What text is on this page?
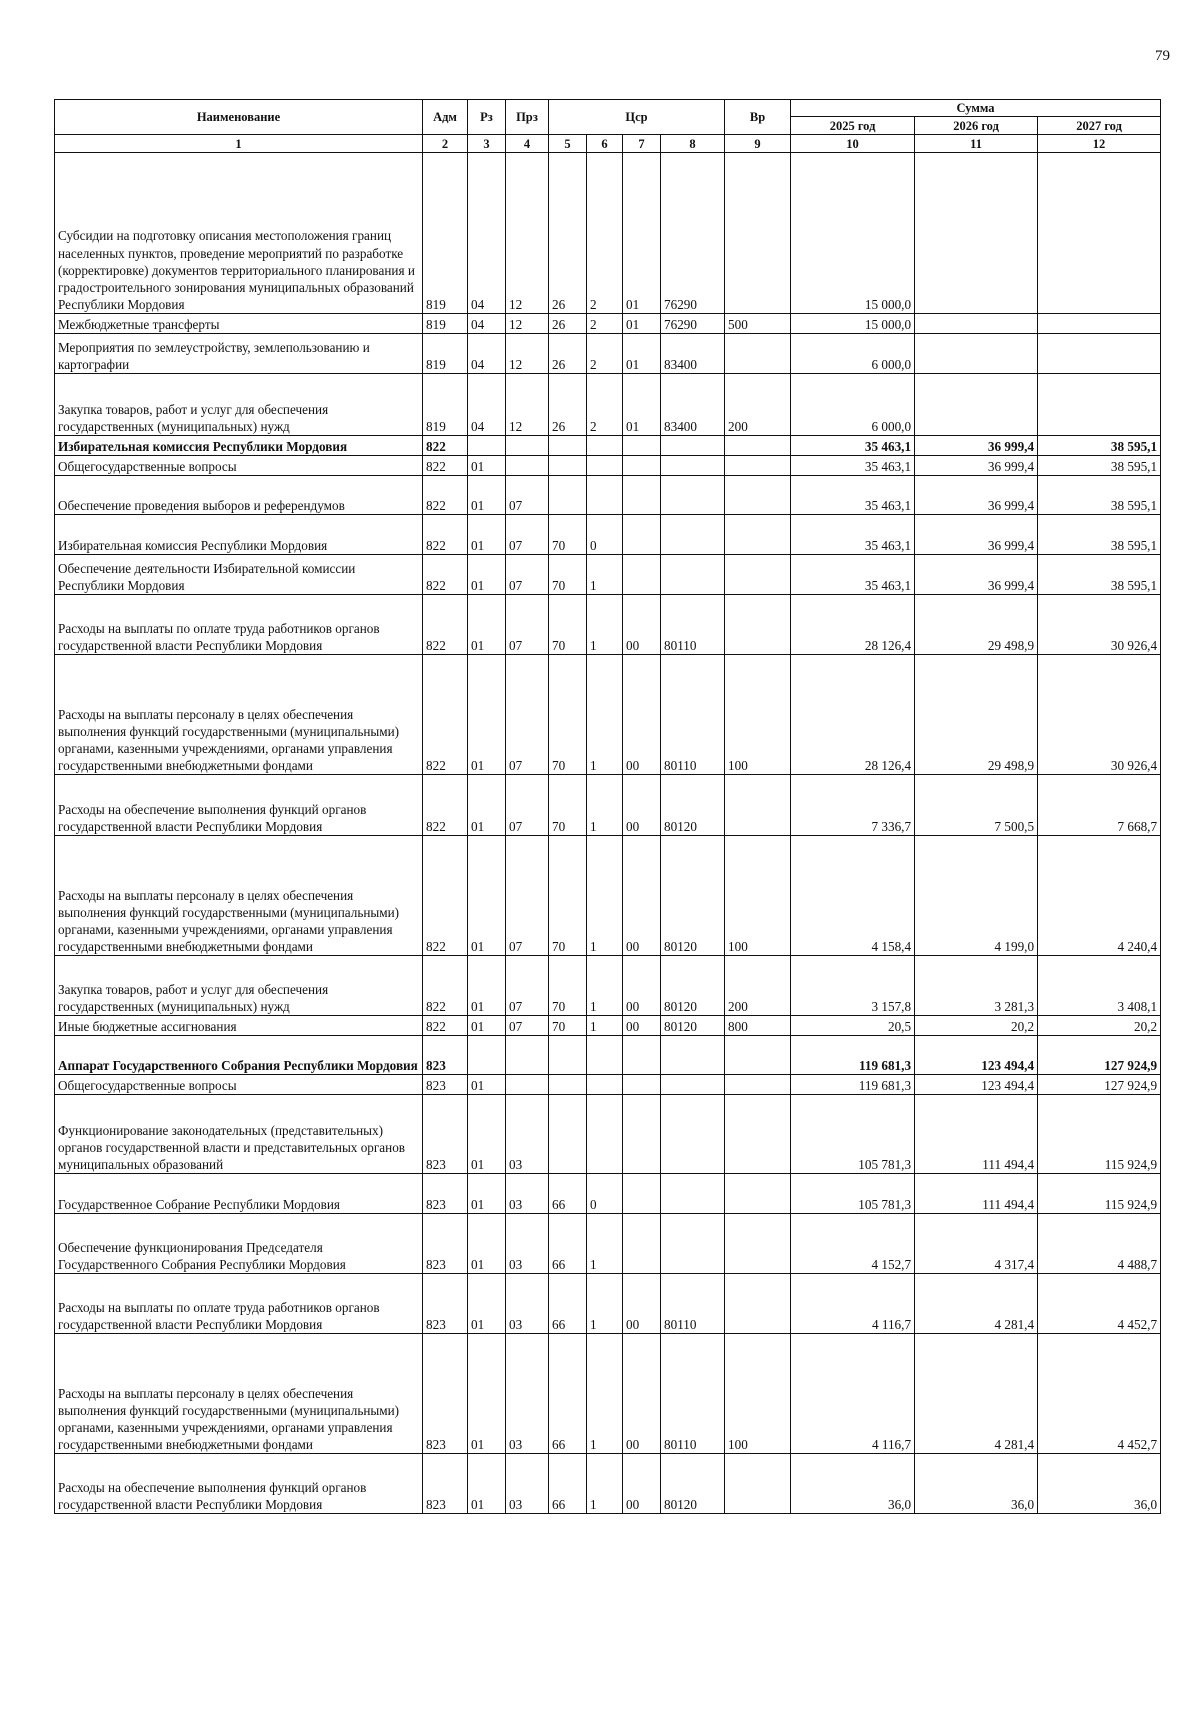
79
Наименование	Адм	Рз	Прз	Цср				Вр	Сумма		
									2025 год	2026 год	2027 год
1	2	3	4	5	6	7	8	9	10	11	12
Субсидии на подготовку описания местоположения границ населенных пунктов, проведение мероприятий по разработке (корректировке) документов территориального планирования и градостроительного зонирования муниципальных образований Республики Мордовия	819	04	12	26	2	01	76290		15 000,0		
Межбюджетные трансферты	819	04	12	26	2	01	76290	500	15 000,0		
Мероприятия по землеустройству, землепользованию и картографии	819	04	12	26	2	01	83400		6 000,0		
Закупка товаров, работ и услуг для обеспечения государственных (муниципальных) нужд	819	04	12	26	2	01	83400	200	6 000,0		
Избирательная комиссия Республики Мордовия	822								35 463,1	36 999,4	38 595,1
Общегосударственные вопросы	822	01							35 463,1	36 999,4	38 595,1
Обеспечение проведения выборов и референдумов	822	01	07						35 463,1	36 999,4	38 595,1
Избирательная комиссия Республики Мордовия	822	01	07	70	0				35 463,1	36 999,4	38 595,1
Обеспечение деятельности Избирательной комиссии Республики Мордовия	822	01	07	70	1				35 463,1	36 999,4	38 595,1
Расходы на выплаты по оплате труда работников органов государственной власти Республики Мордовия	822	01	07	70	1	00	80110		28 126,4	29 498,9	30 926,4
Расходы на выплаты персоналу в целях обеспечения выполнения функций государственными (муниципальными) органами, казенными учреждениями, органами управления государственными внебюджетными фондами	822	01	07	70	1	00	80110	100	28 126,4	29 498,9	30 926,4
Расходы на обеспечение выполнения функций органов государственной власти Республики Мордовия	822	01	07	70	1	00	80120		7 336,7	7 500,5	7 668,7
Расходы на выплаты персоналу в целях обеспечения выполнения функций государственными (муниципальными) органами, казенными учреждениями, органами управления государственными внебюджетными фондами	822	01	07	70	1	00	80120	100	4 158,4	4 199,0	4 240,4
Закупка товаров, работ и услуг для обеспечения государственных (муниципальных) нужд	822	01	07	70	1	00	80120	200	3 157,8	3 281,3	3 408,1
Иные бюджетные ассигнования	822	01	07	70	1	00	80120	800	20,5	20,2	20,2
Аппарат Государственного Собрания Республики Мордовия	823								119 681,3	123 494,4	127 924,9
Общегосударственные вопросы	823	01							119 681,3	123 494,4	127 924,9
Функционирование законодательных (представительных) органов государственной власти и представительных органов муниципальных образований	823	01	03						105 781,3	111 494,4	115 924,9
Государственное Собрание Республики Мордовия	823	01	03	66	0				105 781,3	111 494,4	115 924,9
Обеспечение функционирования Председателя Государственного Собрания Республики Мордовия	823	01	03	66	1				4 152,7	4 317,4	4 488,7
Расходы на выплаты по оплате труда работников органов государственной власти Республики Мордовия	823	01	03	66	1	00	80110		4 116,7	4 281,4	4 452,7
Расходы на выплаты персоналу в целях обеспечения выполнения функций государственными (муниципальными) органами, казенными учреждениями, органами управления государственными внебюджетными фондами	823	01	03	66	1	00	80110	100	4 116,7	4 281,4	4 452,7
Расходы на обеспечение выполнения функций органов государственной власти Республики Мордовия	823	01	03	66	1	00	80120		36,0	36,0	36,0
